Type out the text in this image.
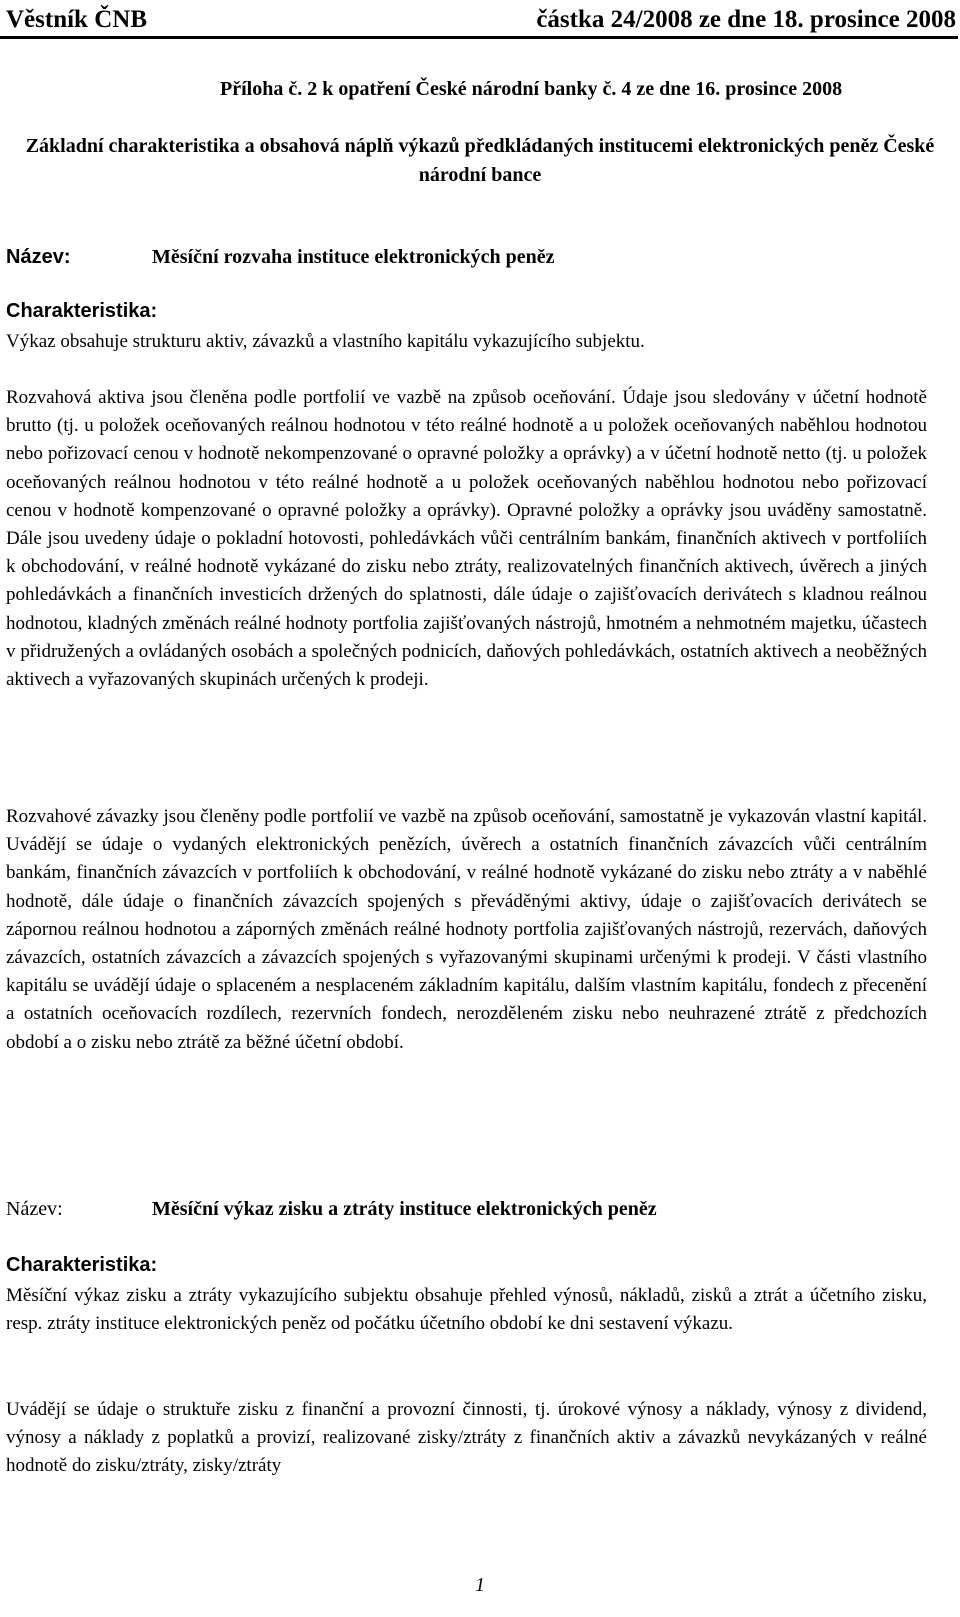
Věstník ČNB	částka 24/2008 ze dne 18. prosince 2008
Příloha č. 2 k opatření České národní banky č. 4 ze dne 16. prosince 2008
Základní charakteristika a obsahová náplň výkazů předkládaných institucemi elektronických peněz České národní bance
Název:	Měsíční rozvaha instituce elektronických peněz
Charakteristika:
Výkaz obsahuje strukturu aktiv, závazků a vlastního kapitálu vykazujícího subjektu.
Rozvahová aktiva jsou členěna podle portfolií ve vazbě na způsob oceňování. Údaje jsou sledovány v účetní hodnotě brutto (tj. u položek oceňovaných reálnou hodnotou v této reálné hodnotě a u položek oceňovaných naběhlou hodnotou nebo pořizovací cenou v hodnotě nekompenzované o opravné položky a oprávky) a v účetní hodnotě netto (tj. u položek oceňovaných reálnou hodnotou v této reálné hodnotě a u položek oceňovaných naběhlou hodnotou nebo pořizovací cenou v hodnotě kompenzované o opravné položky a oprávky). Opravné položky a oprávky jsou uváděny samostatně. Dále jsou uvedeny údaje o pokladní hotovosti, pohledávkách vůči centrálním bankám, finančních aktivech v portfoliích k obchodování, v reálné hodnotě vykázané do zisku nebo ztráty, realizovatelných finančních aktivech, úvěrech a jiných pohledávkách a finančních investicích držených do splatnosti, dále údaje o zajišťovacích derivátech s kladnou reálnou hodnotou, kladných změnách reálné hodnoty portfolia zajišťovaných nástrojů, hmotném a nehmotném majetku, účastech v přidružených a ovládaných osobách a společných podnicích, daňových pohledávkách, ostatních aktivech a neoběžných aktivech a vyřazovaných skupinách určených k prodeji.
Rozvahové závazky jsou členěny podle portfolií ve vazbě na způsob oceňování, samostatně je vykazován vlastní kapitál. Uvádějí se údaje o vydaných elektronických penězích, úvěrech a ostatních finančních závazcích vůči centrálním bankám, finančních závazcích v portfoliích k obchodování, v reálné hodnotě vykázané do zisku nebo ztráty a v naběhlé hodnotě, dále údaje o finančních závazcích spojených s převáděnými aktivy, údaje o zajišťovacích derivátech se zápornou reálnou hodnotou a záporných změnách reálné hodnoty portfolia zajišťovaných nástrojů, rezervách, daňových závazcích, ostatních závazcích a závazcích spojených s vyřazovanými skupinami určenými k prodeji. V části vlastního kapitálu se uvádějí údaje o splaceném a nesplaceném základním kapitálu, dalším vlastním kapitálu, fondech z přecenění a ostatních oceňovacích rozdílech, rezervních fondech, nerozděleném zisku nebo neuhrazené ztrátě z předchozích období a o zisku nebo ztrátě za běžné účetní období.
Název:	Měsíční výkaz zisku a ztráty instituce elektronických peněz
Charakteristika:
Měsíční výkaz zisku a ztráty vykazujícího subjektu obsahuje přehled výnosů, nákladů, zisků a ztrát a účetního zisku, resp. ztráty instituce elektronických peněz od počátku účetního období ke dni sestavení výkazu.
Uvádějí se údaje o struktuře zisku z finanční a provozní činnosti, tj. úrokové výnosy a náklady, výnosy z dividend, výnosy a náklady z poplatků a provizí, realizované zisky/ztráty z finančních aktiv a závazků nevykázaných v reálné hodnotě do zisku/ztráty, zisky/ztráty
1
